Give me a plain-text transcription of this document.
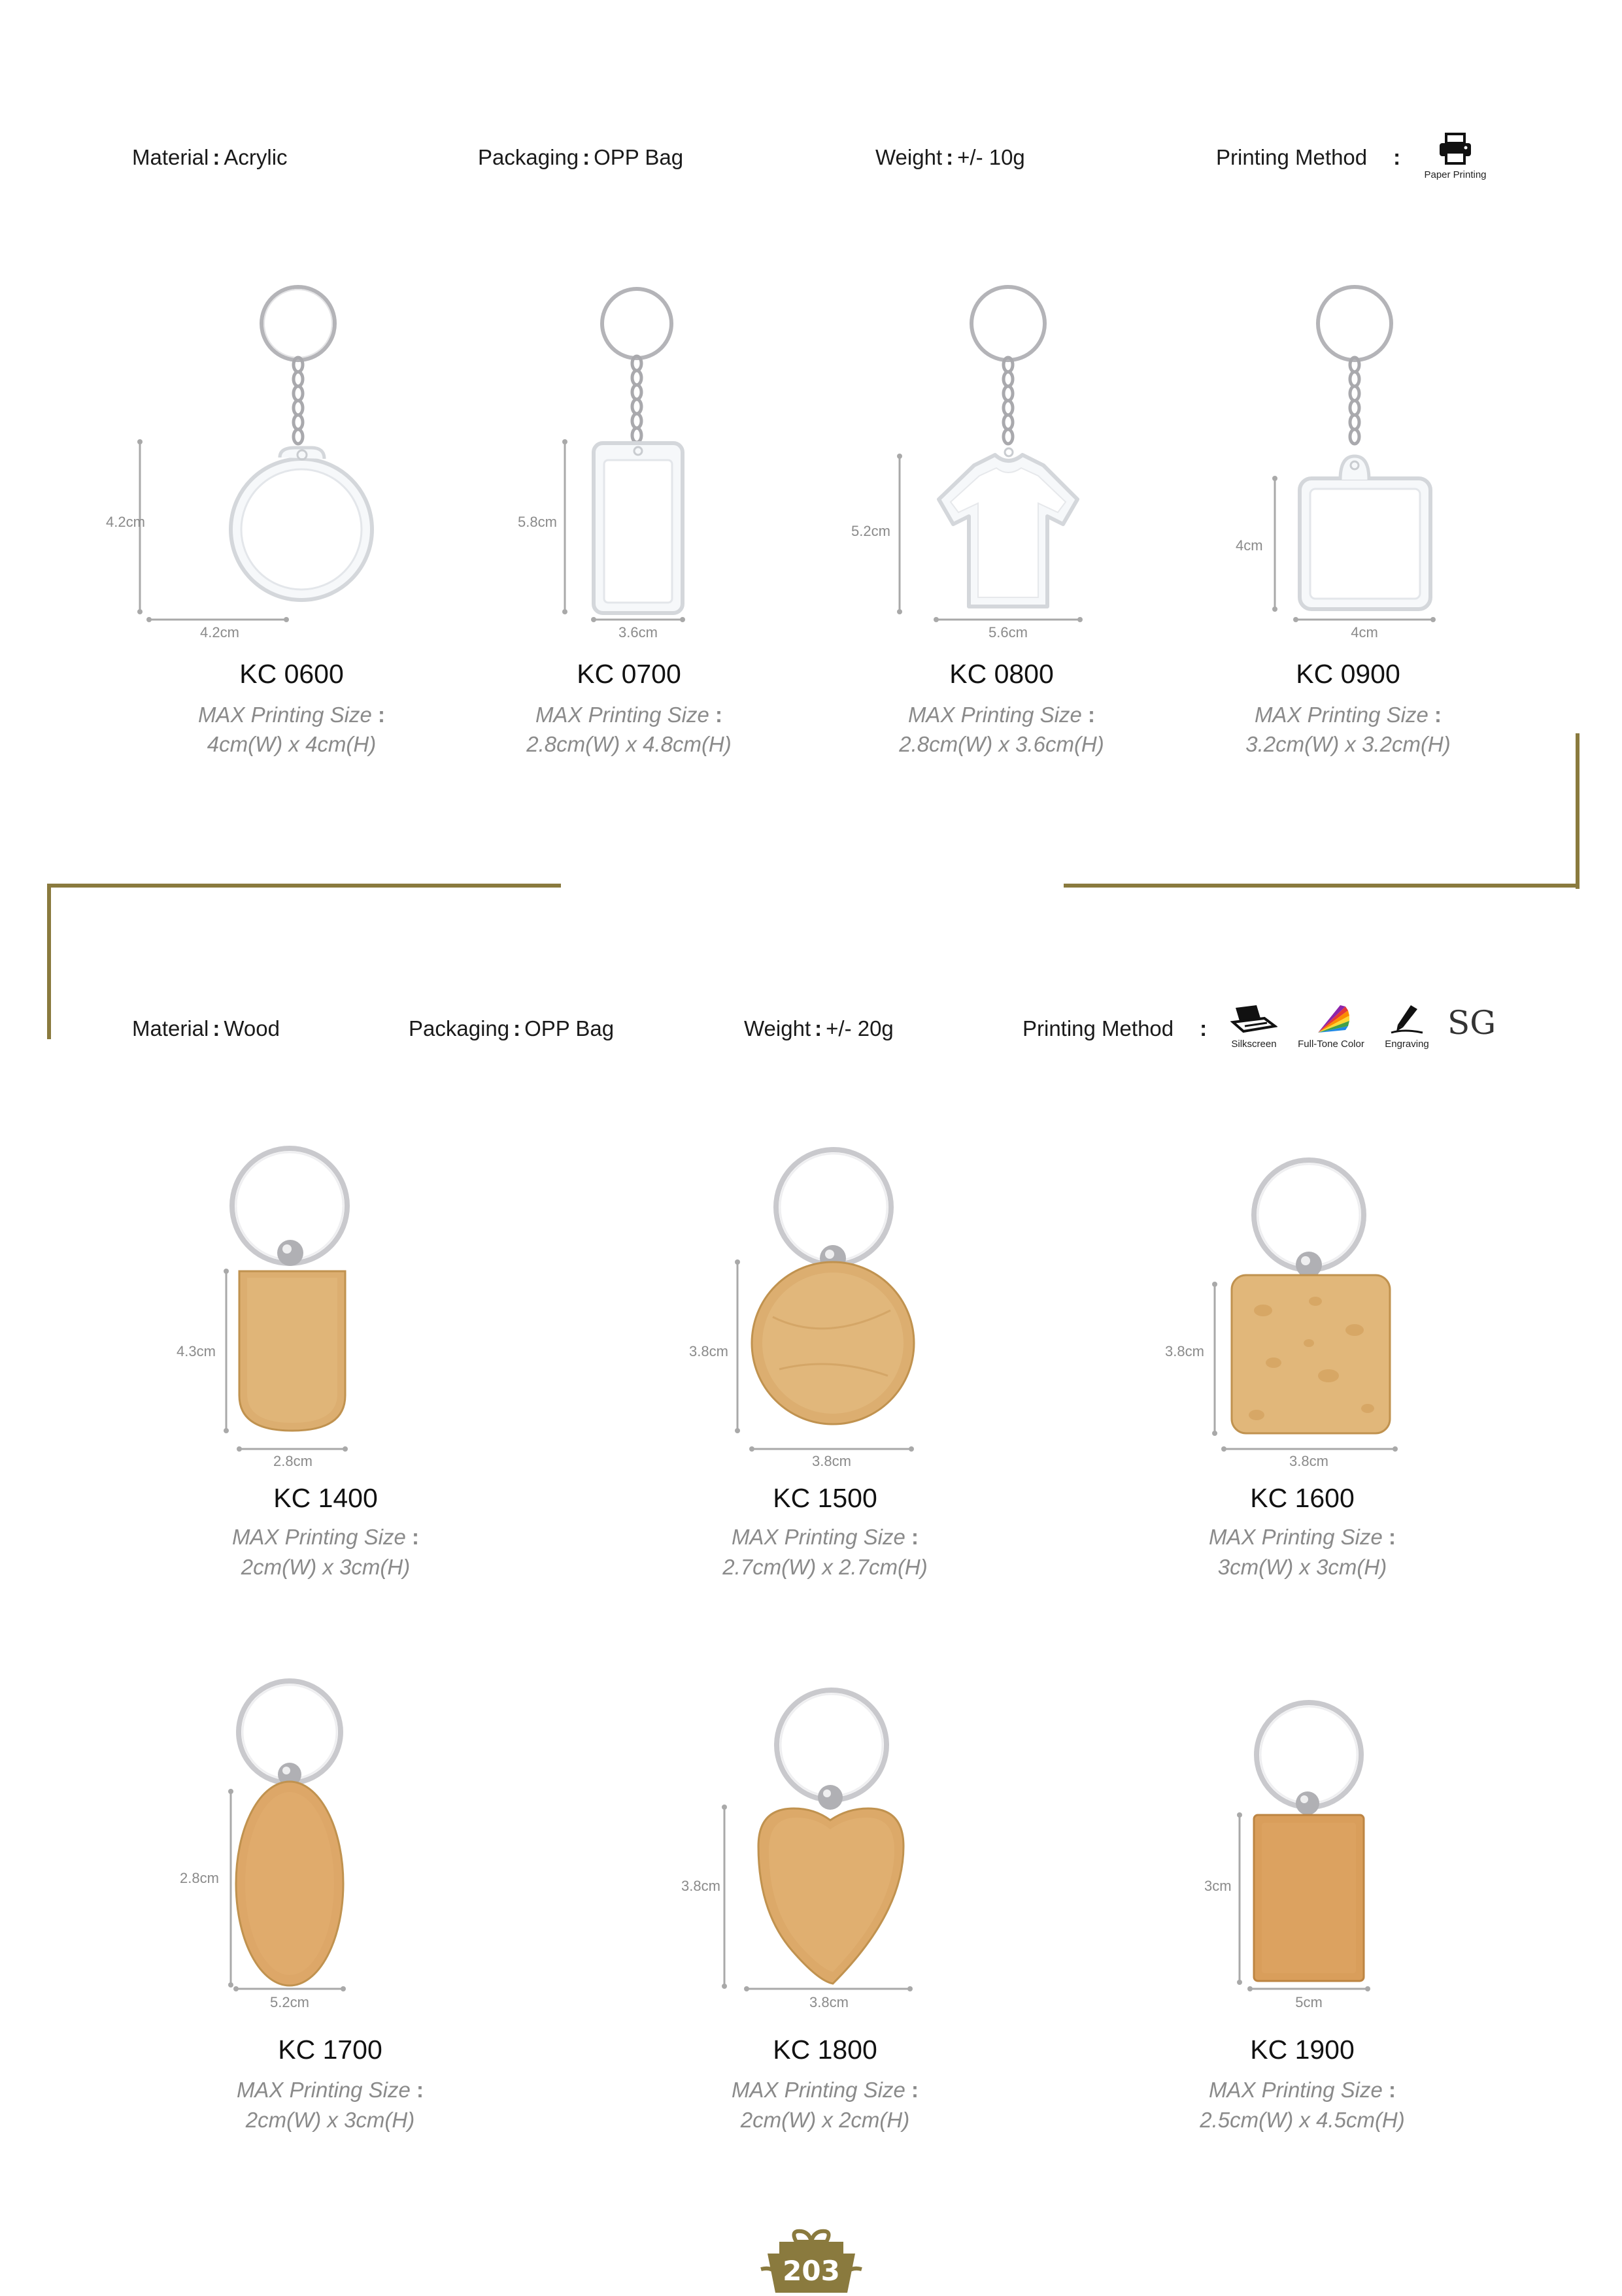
Material : Acrylic	Packaging : OPP Bag	Weight : +/- 10g	Printing Method :
Paper Printing
4.2cm
4.2cm
KC 0600
MAX Printing Size :
4cm(W) x 4cm(H)
5.8cm
3.6cm
KC 0700
MAX Printing Size :
2.8cm(W) x 4.8cm(H)
5.2cm
5.6cm
KC 0800
MAX Printing Size :
2.8cm(W) x 3.6cm(H)
4cm
4cm
KC 0900
MAX Printing Size :
3.2cm(W) x 3.2cm(H)
Material : Wood	Packaging : OPP Bag	Weight : +/- 20g	Printing Method :
Silkscreen	Full-Tone Color	Engraving
SG
4.3cm
2.8cm
KC 1400
MAX Printing Size :
2cm(W) x 3cm(H)
3.8cm
3.8cm
KC 1500
MAX Printing Size :
2.7cm(W) x 2.7cm(H)
3.8cm
3.8cm
KC 1600
MAX Printing Size :
3cm(W) x 3cm(H)
2.8cm
5.2cm
KC 1700
MAX Printing Size :
2cm(W) x 3cm(H)
3.8cm
3.8cm
KC 1800
MAX Printing Size :
2cm(W) x 2cm(H)
3cm
5cm
KC 1900
MAX Printing Size :
2.5cm(W) x 4.5cm(H)
203
